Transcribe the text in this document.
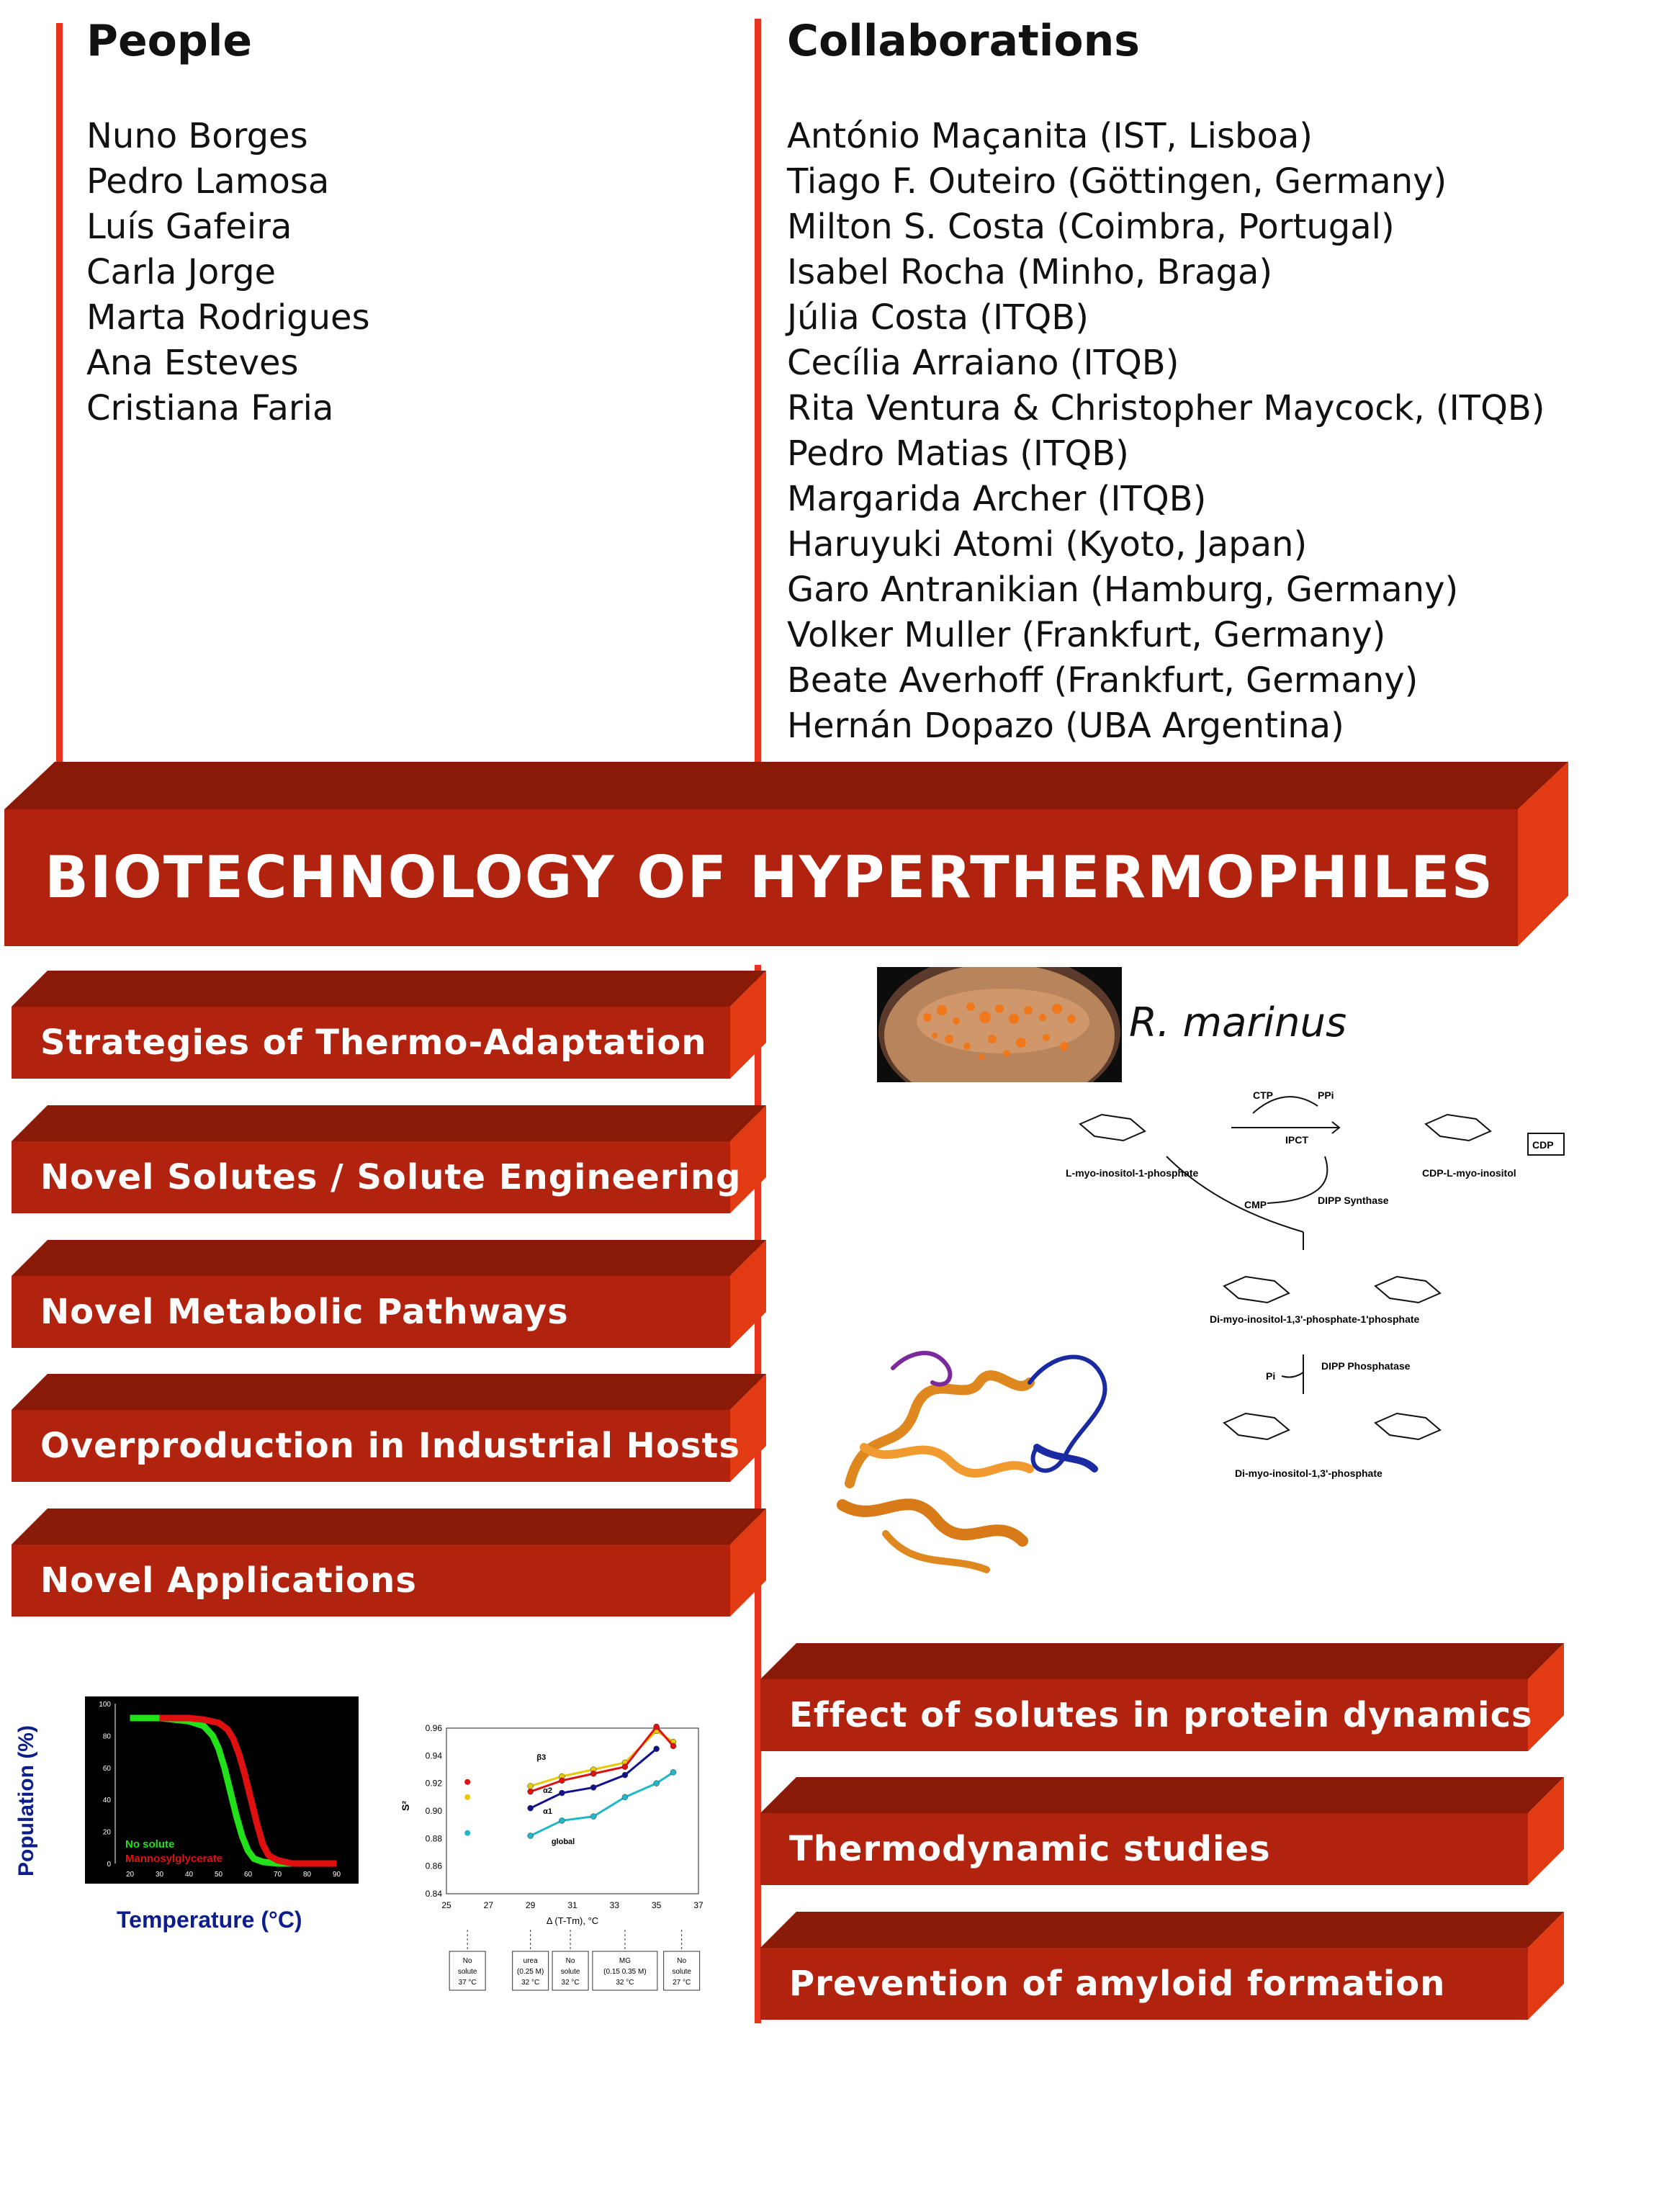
People
Nuno Borges
Pedro Lamosa
Luís Gafeira
Carla Jorge
Marta Rodrigues
Ana Esteves
Cristiana Faria
Collaborations
António Maçanita (IST, Lisboa)
Tiago F. Outeiro (Göttingen, Germany)
Milton S. Costa (Coimbra, Portugal)
Isabel Rocha (Minho, Braga)
Júlia Costa (ITQB)
Cecília Arraiano (ITQB)
Rita Ventura & Christopher Maycock, (ITQB)
Pedro Matias (ITQB)
Margarida Archer (ITQB)
Haruyuki Atomi (Kyoto, Japan)
Garo Antranikian (Hamburg, Germany)
Volker Muller (Frankfurt, Germany)
Beate Averhoff (Frankfurt, Germany)
Hernán Dopazo (UBA Argentina)
BIOTECHNOLOGY OF HYPERTHERMOPHILES
Strategies of Thermo-Adaptation
Novel Solutes / Solute Engineering
Novel Metabolic Pathways
Overproduction in Industrial Hosts
Novel Applications
Effect of solutes in protein dynamics
Thermodynamic studies
Prevention of amyloid formation
R. marinus
CDP
CTP	PPi
IPCT
CMP	DIPP Synthase
DIPP Phosphatase
Pi
L-myo-inositol-1-phosphate	CDP-L-myo-inositol
Di-myo-inositol-1,3'-phosphate-1'phosphate
Di-myo-inositol-1,3'-phosphate
0
20
40
60
80
100
20	30	40	50	60	70	80	90
No solute
Mannosylglycerate
Population (%)
Temperature (°C)
0.84
0.86
0.88
0.90
0.92
0.94
0.96
25	27	29	31	33	35	37
S²
Δ (T-Tm), °C
β3
α2
α1
global
No
solute
37 °C
urea
(0.25 M)
32 °C
No
solute
32 °C
MG
(0.15 0.35 M)
32 °C
No
solute
27 °C
